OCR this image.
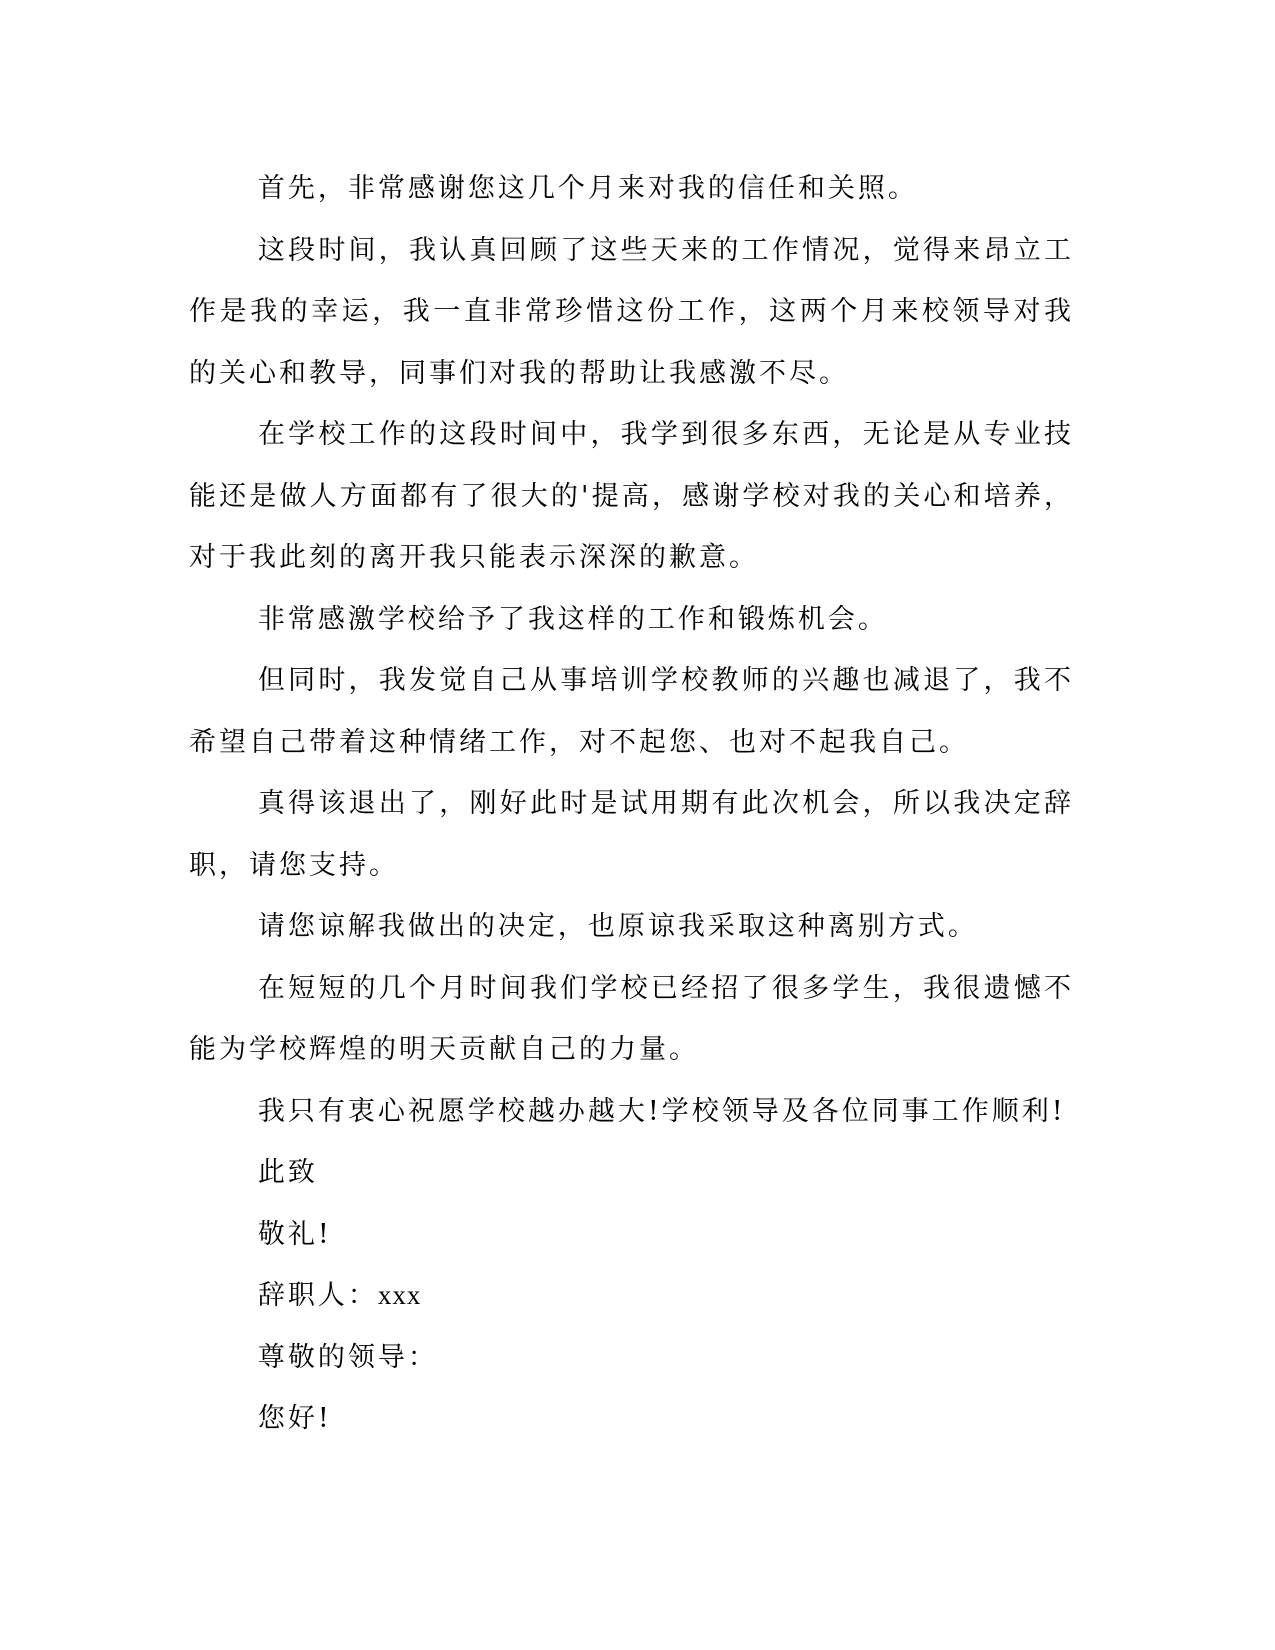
首先，非常感谢您这几个月来对我的信任和关照。

这段时间，我认真回顾了这些天来的工作情况，觉得来昂立工作是我的幸运，我一直非常珍惜这份工作，这两个月来校领导对我的关心和教导，同事们对我的帮助让我感激不尽。

在学校工作的这段时间中，我学到很多东西，无论是从专业技能还是做人方面都有了很大的'提高，感谢学校对我的关心和培养，对于我此刻的离开我只能表示深深的歉意。

非常感激学校给予了我这样的工作和锻炼机会。

但同时，我发觉自己从事培训学校教师的兴趣也减退了，我不希望自己带着这种情绪工作，对不起您、也对不起我自己。

真得该退出了，刚好此时是试用期有此次机会，所以我决定辞职，请您支持。

请您谅解我做出的决定，也原谅我采取这种离别方式。

在短短的几个月时间我们学校已经招了很多学生，我很遗憾不能为学校辉煌的明天贡献自己的力量。

我只有衷心祝愿学校越办越大!学校领导及各位同事工作顺利!

此致

敬礼!

辞职人：xxx

尊敬的领导：

您好!
